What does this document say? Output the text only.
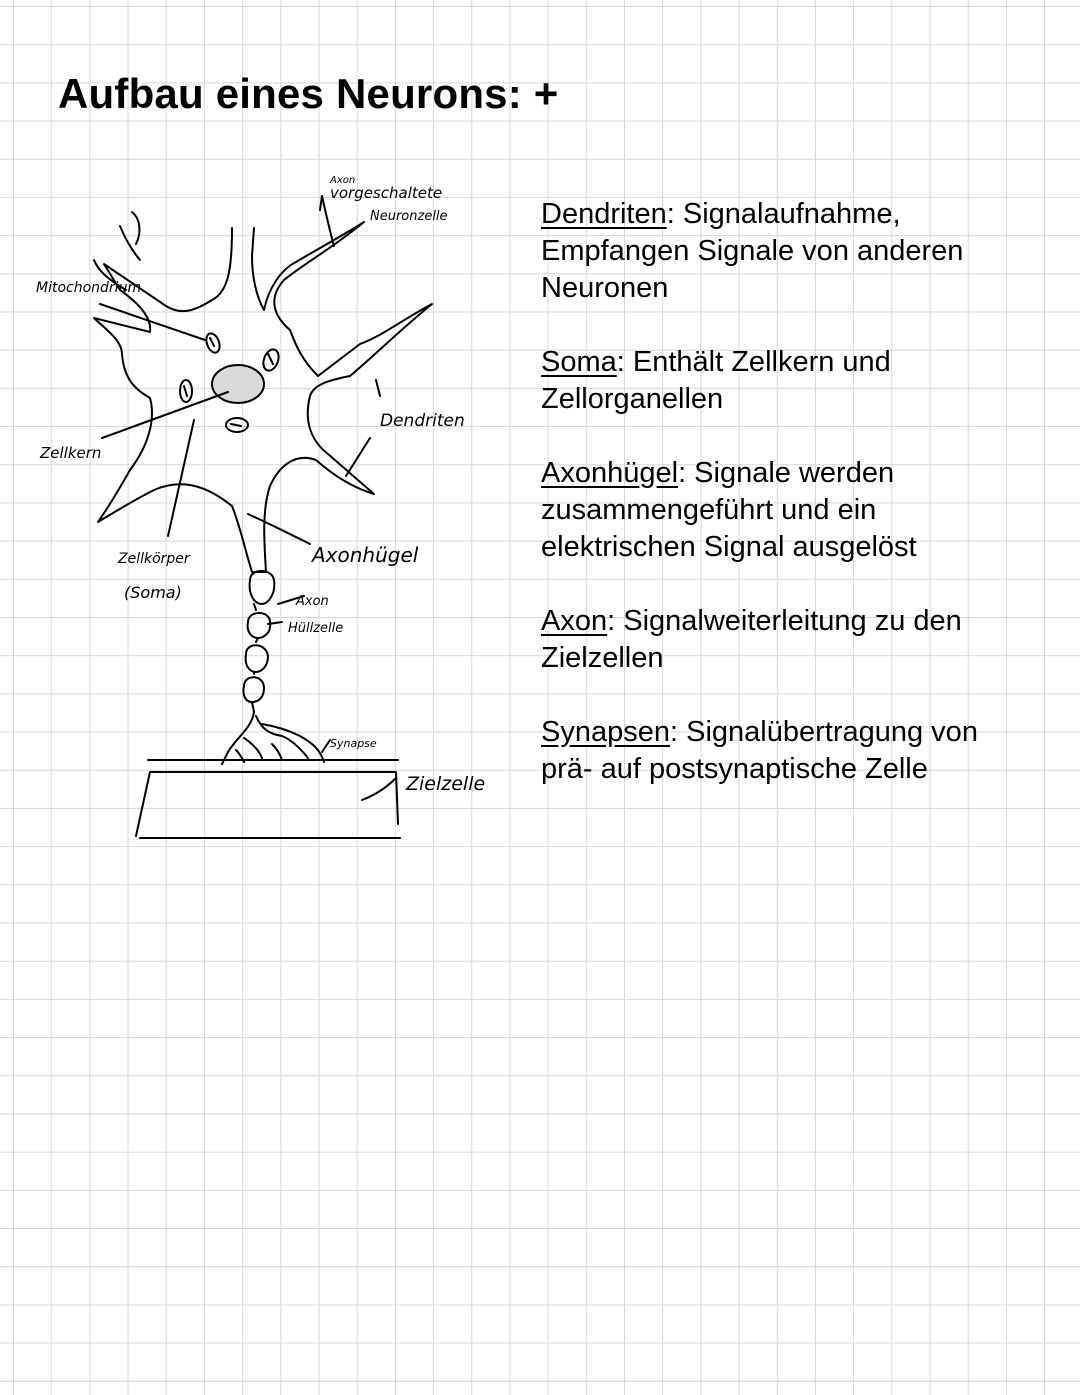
Aufbau eines Neurons: +
Axon
vorgeschaltete
Neuronzelle
Mitochondrium
Zellkern
Dendriten
Zellkörper
(Soma)
Axonhügel
Axon
Hüllzelle
Synapse
Zielzelle

Dendriten: Signalaufnahme, Empfangen Signale von anderen Neuronen

Soma: Enthält Zellkern und Zellorganellen

Axonhügel: Signale werden zusammengeführt und ein elektrischen Signal ausgelöst

Axon: Signalweiterleitung zu den Zielzellen

Synapsen: Signalübertragung von prä- auf postsynaptische Zelle
